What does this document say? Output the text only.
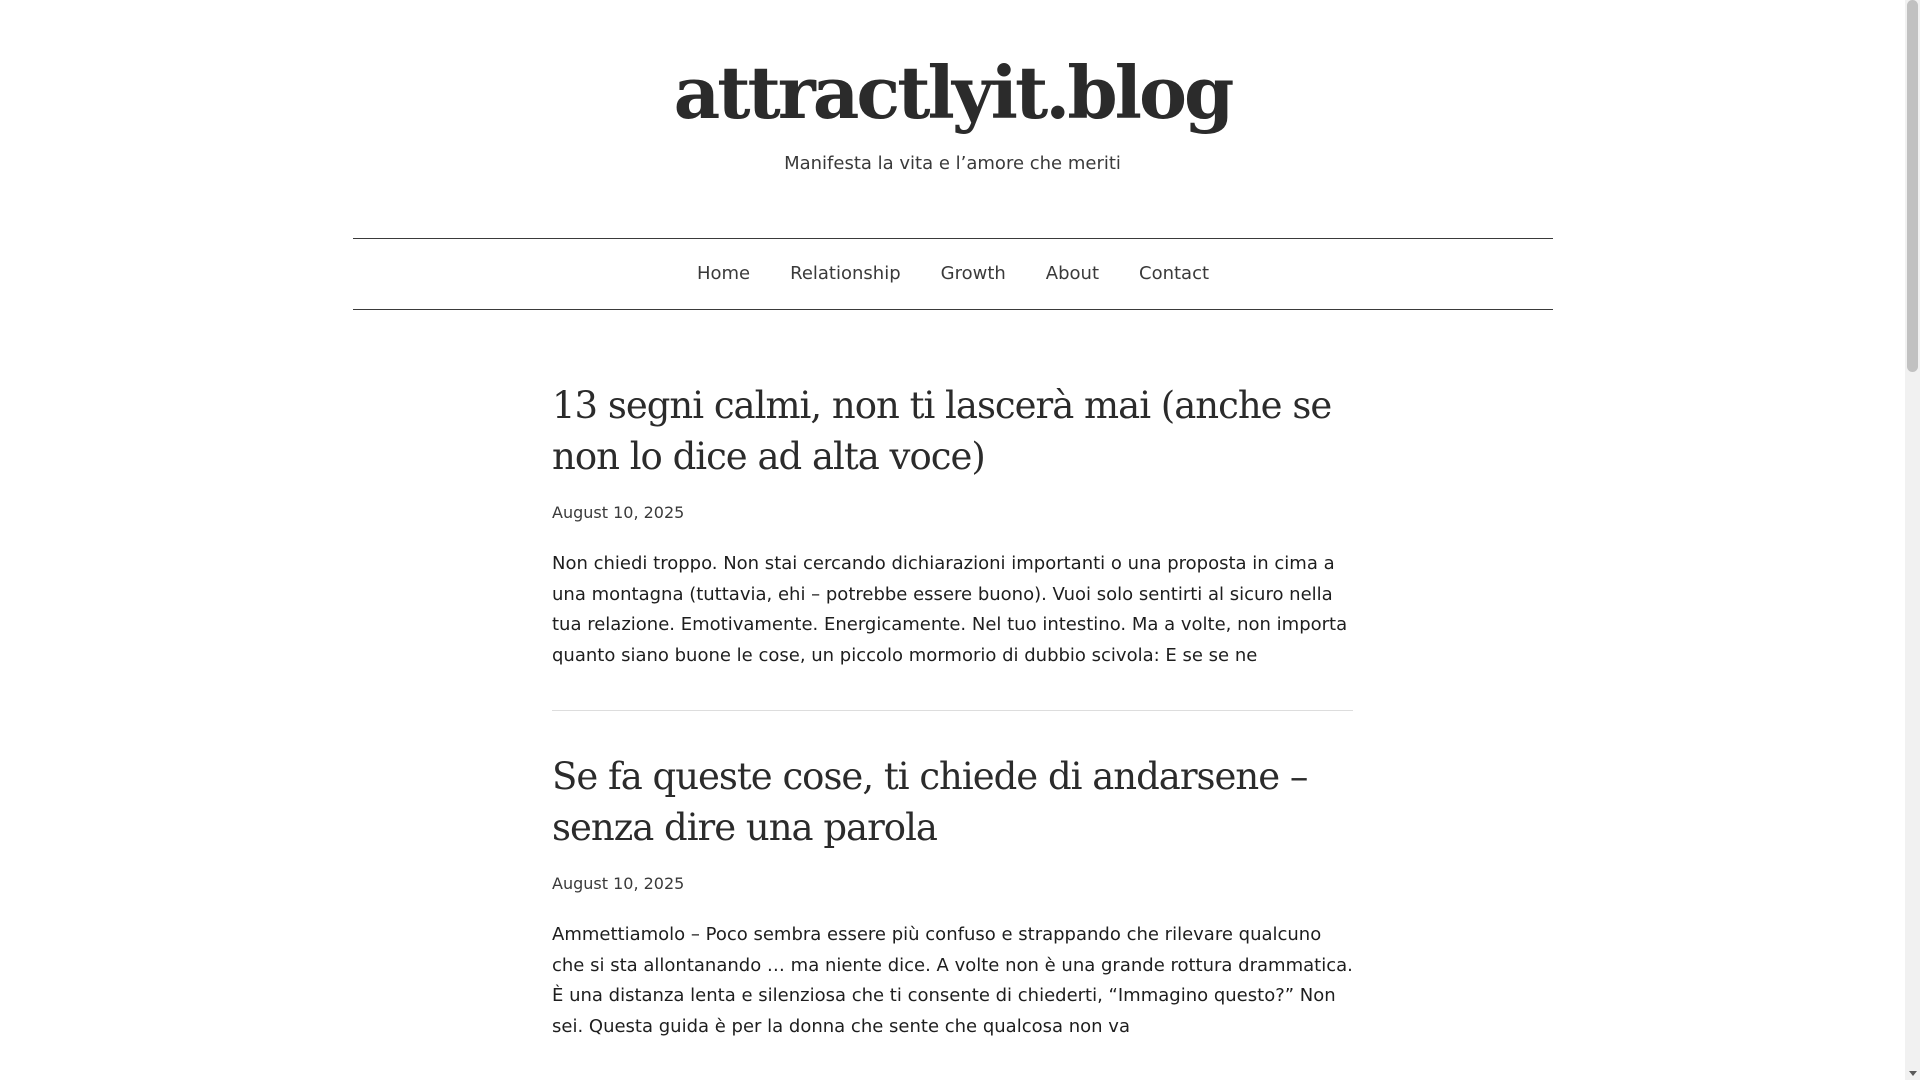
attractlyit.blog

Manifesta la vita e l’amore che meriti

Home	Relationship	Growth	About	Contact
13 segni calmi, non ti lascerà mai (anche se non lo dice ad alta voce)
August 10, 2025

Non chiedi troppo. Non stai cercando dichiarazioni importanti o una proposta in cima a una montagna (tuttavia, ehi – potrebbe essere buono). Vuoi solo sentirti al sicuro nella tua relazione. Emotivamente. Energicamente. Nel tuo intestino. Ma a volte, non importa quanto siano buone le cose, un piccolo mormorio di dubbio scivola: E se se ne

Se fa queste cose, ti chiede di andarsene – senza dire una parola
August 10, 2025

Ammettiamolo – Poco sembra essere più confuso e strappando che rilevare qualcuno che si sta allontanando … ma niente dice. A volte non è una grande rottura drammatica. È una distanza lenta e silenziosa che ti consente di chiederti, “Immagino questo?” Non sei. Questa guida è per la donna che sente che qualcosa non va
